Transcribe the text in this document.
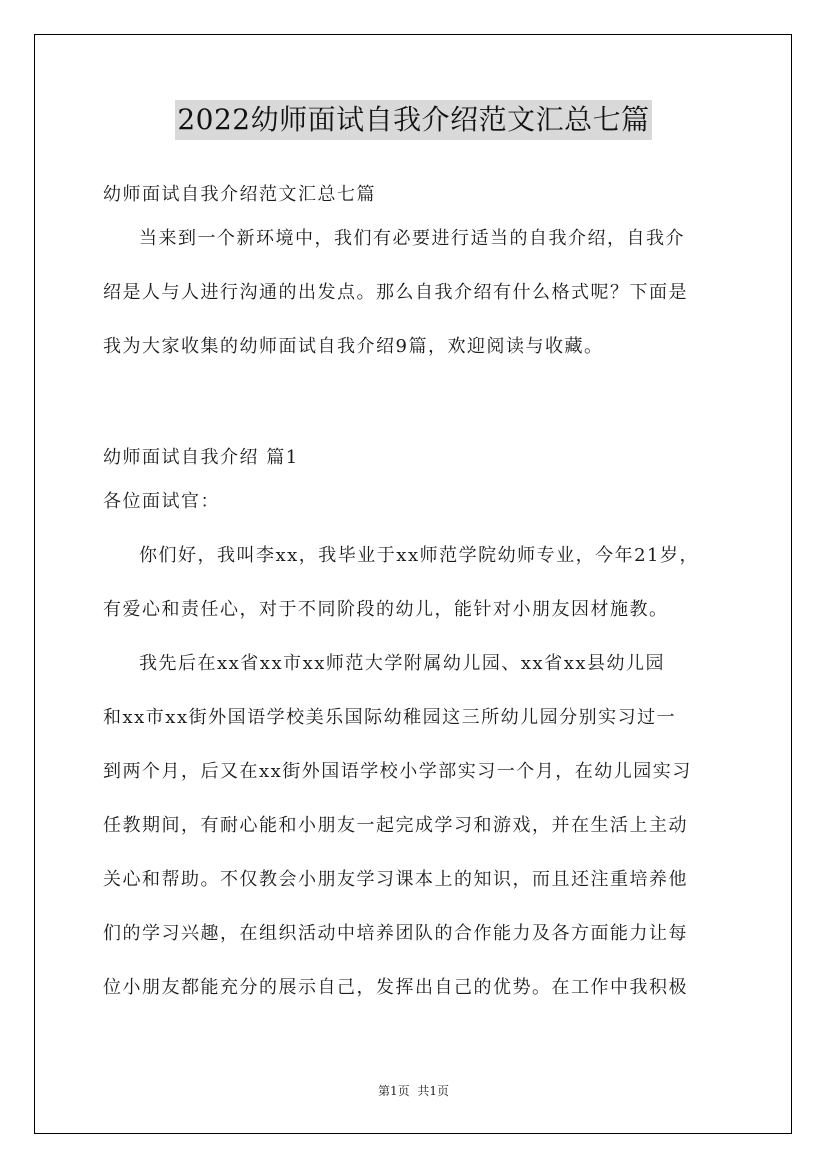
2022幼师面试自我介绍范文汇总七篇
幼师面试自我介绍范文汇总七篇
当来到一个新环境中，我们有必要进行适当的自我介绍，自我介
绍是人与人进行沟通的出发点。那么自我介绍有什么格式呢？下面是
我为大家收集的幼师面试自我介绍9篇，欢迎阅读与收藏。
幼师面试自我介绍 篇1
各位面试官：
你们好，我叫李xx，我毕业于xx师范学院幼师专业，今年21岁，
有爱心和责任心，对于不同阶段的幼儿，能针对小朋友因材施教。
我先后在xx省xx市xx师范大学附属幼儿园、xx省xx县幼儿园
和xx市xx街外国语学校美乐国际幼稚园这三所幼儿园分别实习过一
到两个月，后又在xx街外国语学校小学部实习一个月，在幼儿园实习
任教期间，有耐心能和小朋友一起完成学习和游戏，并在生活上主动
关心和帮助。不仅教会小朋友学习课本上的知识，而且还注重培养他
们的学习兴趣，在组织活动中培养团队的合作能力及各方面能力让每
位小朋友都能充分的展示自己，发挥出自己的优势。在工作中我积极
第1页 共1页
